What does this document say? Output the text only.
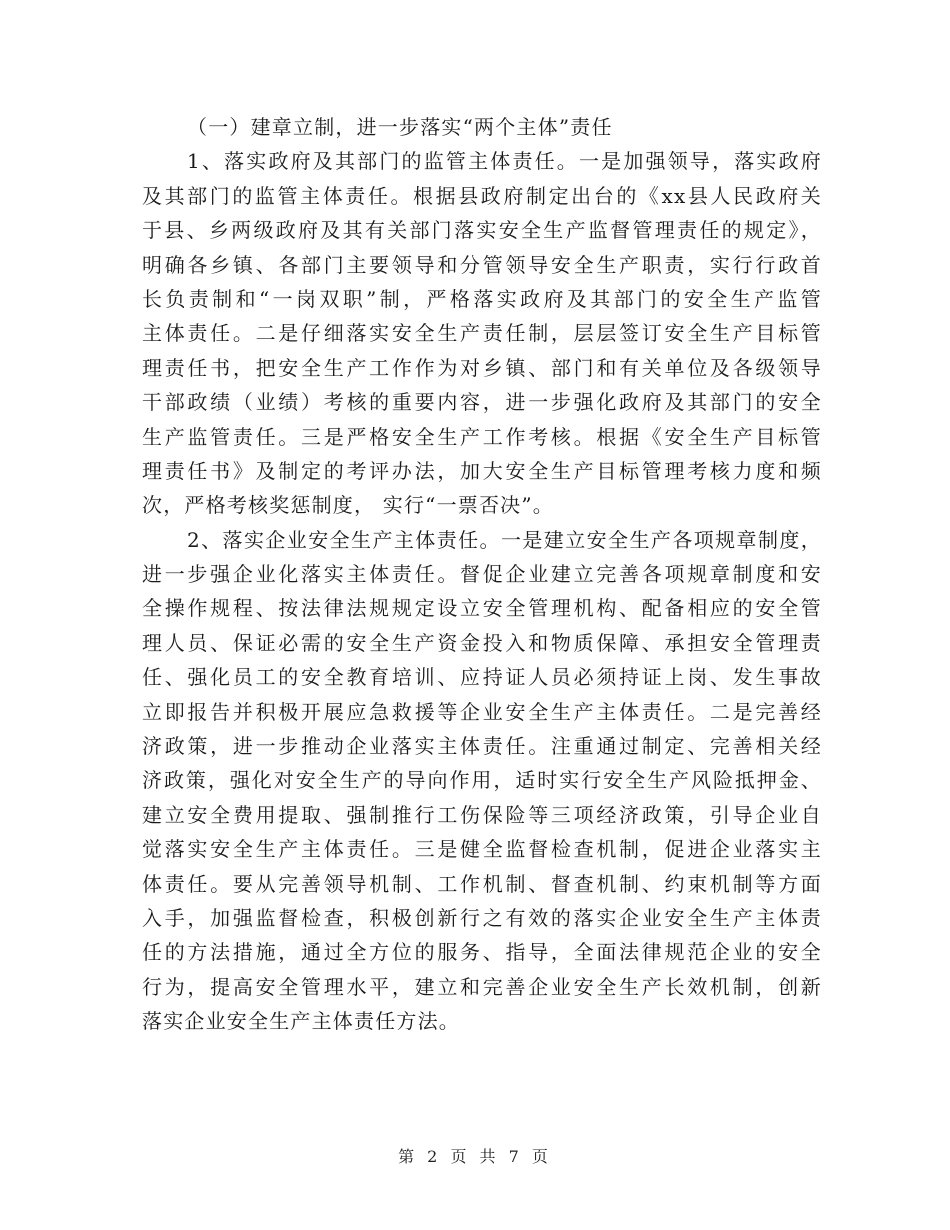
（一）建章立制，进一步落实“两个主体”责任
1、落实政府及其部门的监管主体责任。一是加强领导，落实政府
及其部门的监管主体责任。根据县政府制定出台的《xx县人民政府关
于县、乡两级政府及其有关部门落实安全生产监督管理责任的规定》，
明确各乡镇、各部门主要领导和分管领导安全生产职责，实行行政首
长负责制和“一岗双职”制，严格落实政府及其部门的安全生产监管
主体责任。二是仔细落实安全生产责任制，层层签订安全生产目标管
理责任书，把安全生产工作作为对乡镇、部门和有关单位及各级领导
干部政绩（业绩）考核的重要内容，进一步强化政府及其部门的安全
生产监管责任。三是严格安全生产工作考核。根据《安全生产目标管
理责任书》及制定的考评办法，加大安全生产目标管理考核力度和频
次，严格考核奖惩制度， 实行“一票否决”。
2、落实企业安全生产主体责任。一是建立安全生产各项规章制度，
进一步强企业化落实主体责任。督促企业建立完善各项规章制度和安
全操作规程、按法律法规规定设立安全管理机构、配备相应的安全管
理人员、保证必需的安全生产资金投入和物质保障、承担安全管理责
任、强化员工的安全教育培训、应持证人员必须持证上岗、发生事故
立即报告并积极开展应急救援等企业安全生产主体责任。二是完善经
济政策，进一步推动企业落实主体责任。注重通过制定、完善相关经
济政策，强化对安全生产的导向作用，适时实行安全生产风险抵押金、
建立安全费用提取、强制推行工伤保险等三项经济政策，引导企业自
觉落实安全生产主体责任。三是健全监督检查机制，促进企业落实主
体责任。要从完善领导机制、工作机制、督查机制、约束机制等方面
入手，加强监督检查，积极创新行之有效的落实企业安全生产主体责
任的方法措施，通过全方位的服务、指导，全面法律规范企业的安全
行为，提高安全管理水平，建立和完善企业安全生产长效机制，创新
落实企业安全生产主体责任方法。
第 2 页 共 7 页
